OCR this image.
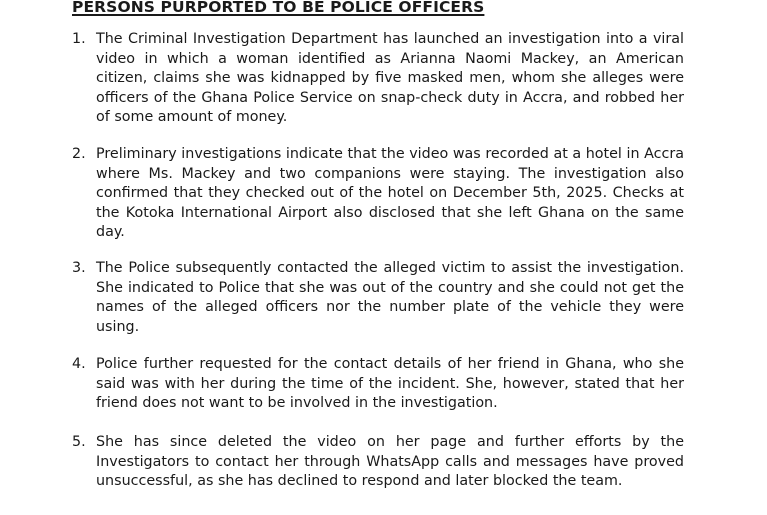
PERSONS PURPORTED TO BE POLICE OFFICERS
1. The Criminal Investigation Department has launched an investigation into a viral video in which a woman identified as Arianna Naomi Mackey, an American citizen, claims she was kidnapped by five masked men, whom she alleges were officers of the Ghana Police Service on snap-check duty in Accra, and robbed her of some amount of money.
2. Preliminary investigations indicate that the video was recorded at a hotel in Accra where Ms. Mackey and two companions were staying. The investigation also confirmed that they checked out of the hotel on December 5th, 2025. Checks at the Kotoka International Airport also disclosed that she left Ghana on the same day.
3. The Police subsequently contacted the alleged victim to assist the investigation. She indicated to Police that she was out of the country and she could not get the names of the alleged officers nor the number plate of the vehicle they were using.
4. Police further requested for the contact details of her friend in Ghana, who she said was with her during the time of the incident. She, however, stated that her friend does not want to be involved in the investigation.
5. She has since deleted the video on her page and further efforts by the Investigators to contact her through WhatsApp calls and messages have proved unsuccessful, as she has declined to respond and later blocked the team.
